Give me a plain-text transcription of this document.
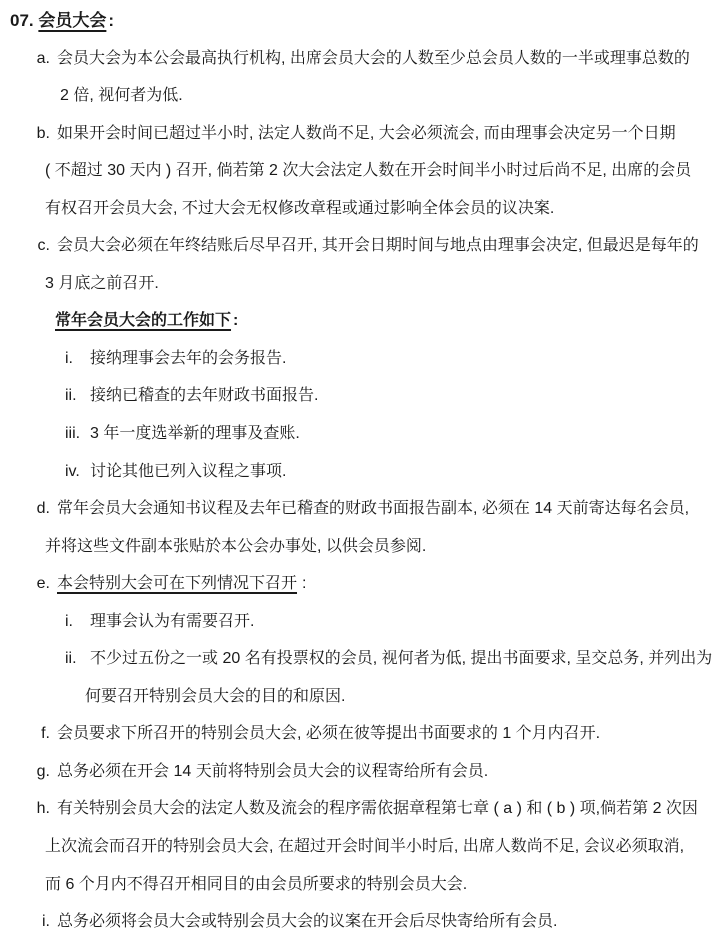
07. 会员大会 :
a. 会员大会为本公会最高执行机构, 出席会员大会的人数至少总会员人数的一半或理事总数的
2 倍, 视何者为低.
b. 如果开会时间已超过半小时, 法定人数尚不足, 大会必须流会, 而由理事会决定另一个日期
( 不超过 30 天内 ) 召开, 倘若第 2 次大会法定人数在开会时间半小时过后尚不足, 出席的会员
有权召开会员大会, 不过大会无权修改章程或通过影响全体会员的议决案.
c. 会员大会必须在年终结账后尽早召开, 其开会日期时间与地点由理事会决定, 但最迟是每年的
3 月底之前召开.
常年会员大会的工作如下 :
i. 接纳理事会去年的会务报告.
ii. 接纳已稽查的去年财政书面报告.
iii. 3 年一度选举新的理事及查账.
iv. 讨论其他已列入议程之事项.
d. 常年会员大会通知书议程及去年已稽查的财政书面报告副本, 必须在 14 天前寄达每名会员,
并将这些文件副本张贴於本公会办事处, 以供会员参阅.
e. 本会特别大会可在下列情况下召开 :
i. 理事会认为有需要召开.
ii. 不少过五份之一或 20 名有投票权的会员, 视何者为低, 提出书面要求, 呈交总务, 并列出为
何要召开特别会员大会的目的和原因.
f. 会员要求下所召开的特别会员大会, 必须在彼等提出书面要求的 1 个月内召开.
g. 总务必须在开会 14 天前将特别会员大会的议程寄给所有会员.
h. 有关特别会员大会的法定人数及流会的程序需依据章程第七章 ( a ) 和 ( b ) 项,倘若第 2 次因
上次流会而召开的特别会员大会, 在超过开会时间半小时后, 出席人数尚不足, 会议必须取消,
而 6 个月内不得召开相同目的由会员所要求的特别会员大会.
i. 总务必须将会员大会或特别会员大会的议案在开会后尽快寄给所有会员.
